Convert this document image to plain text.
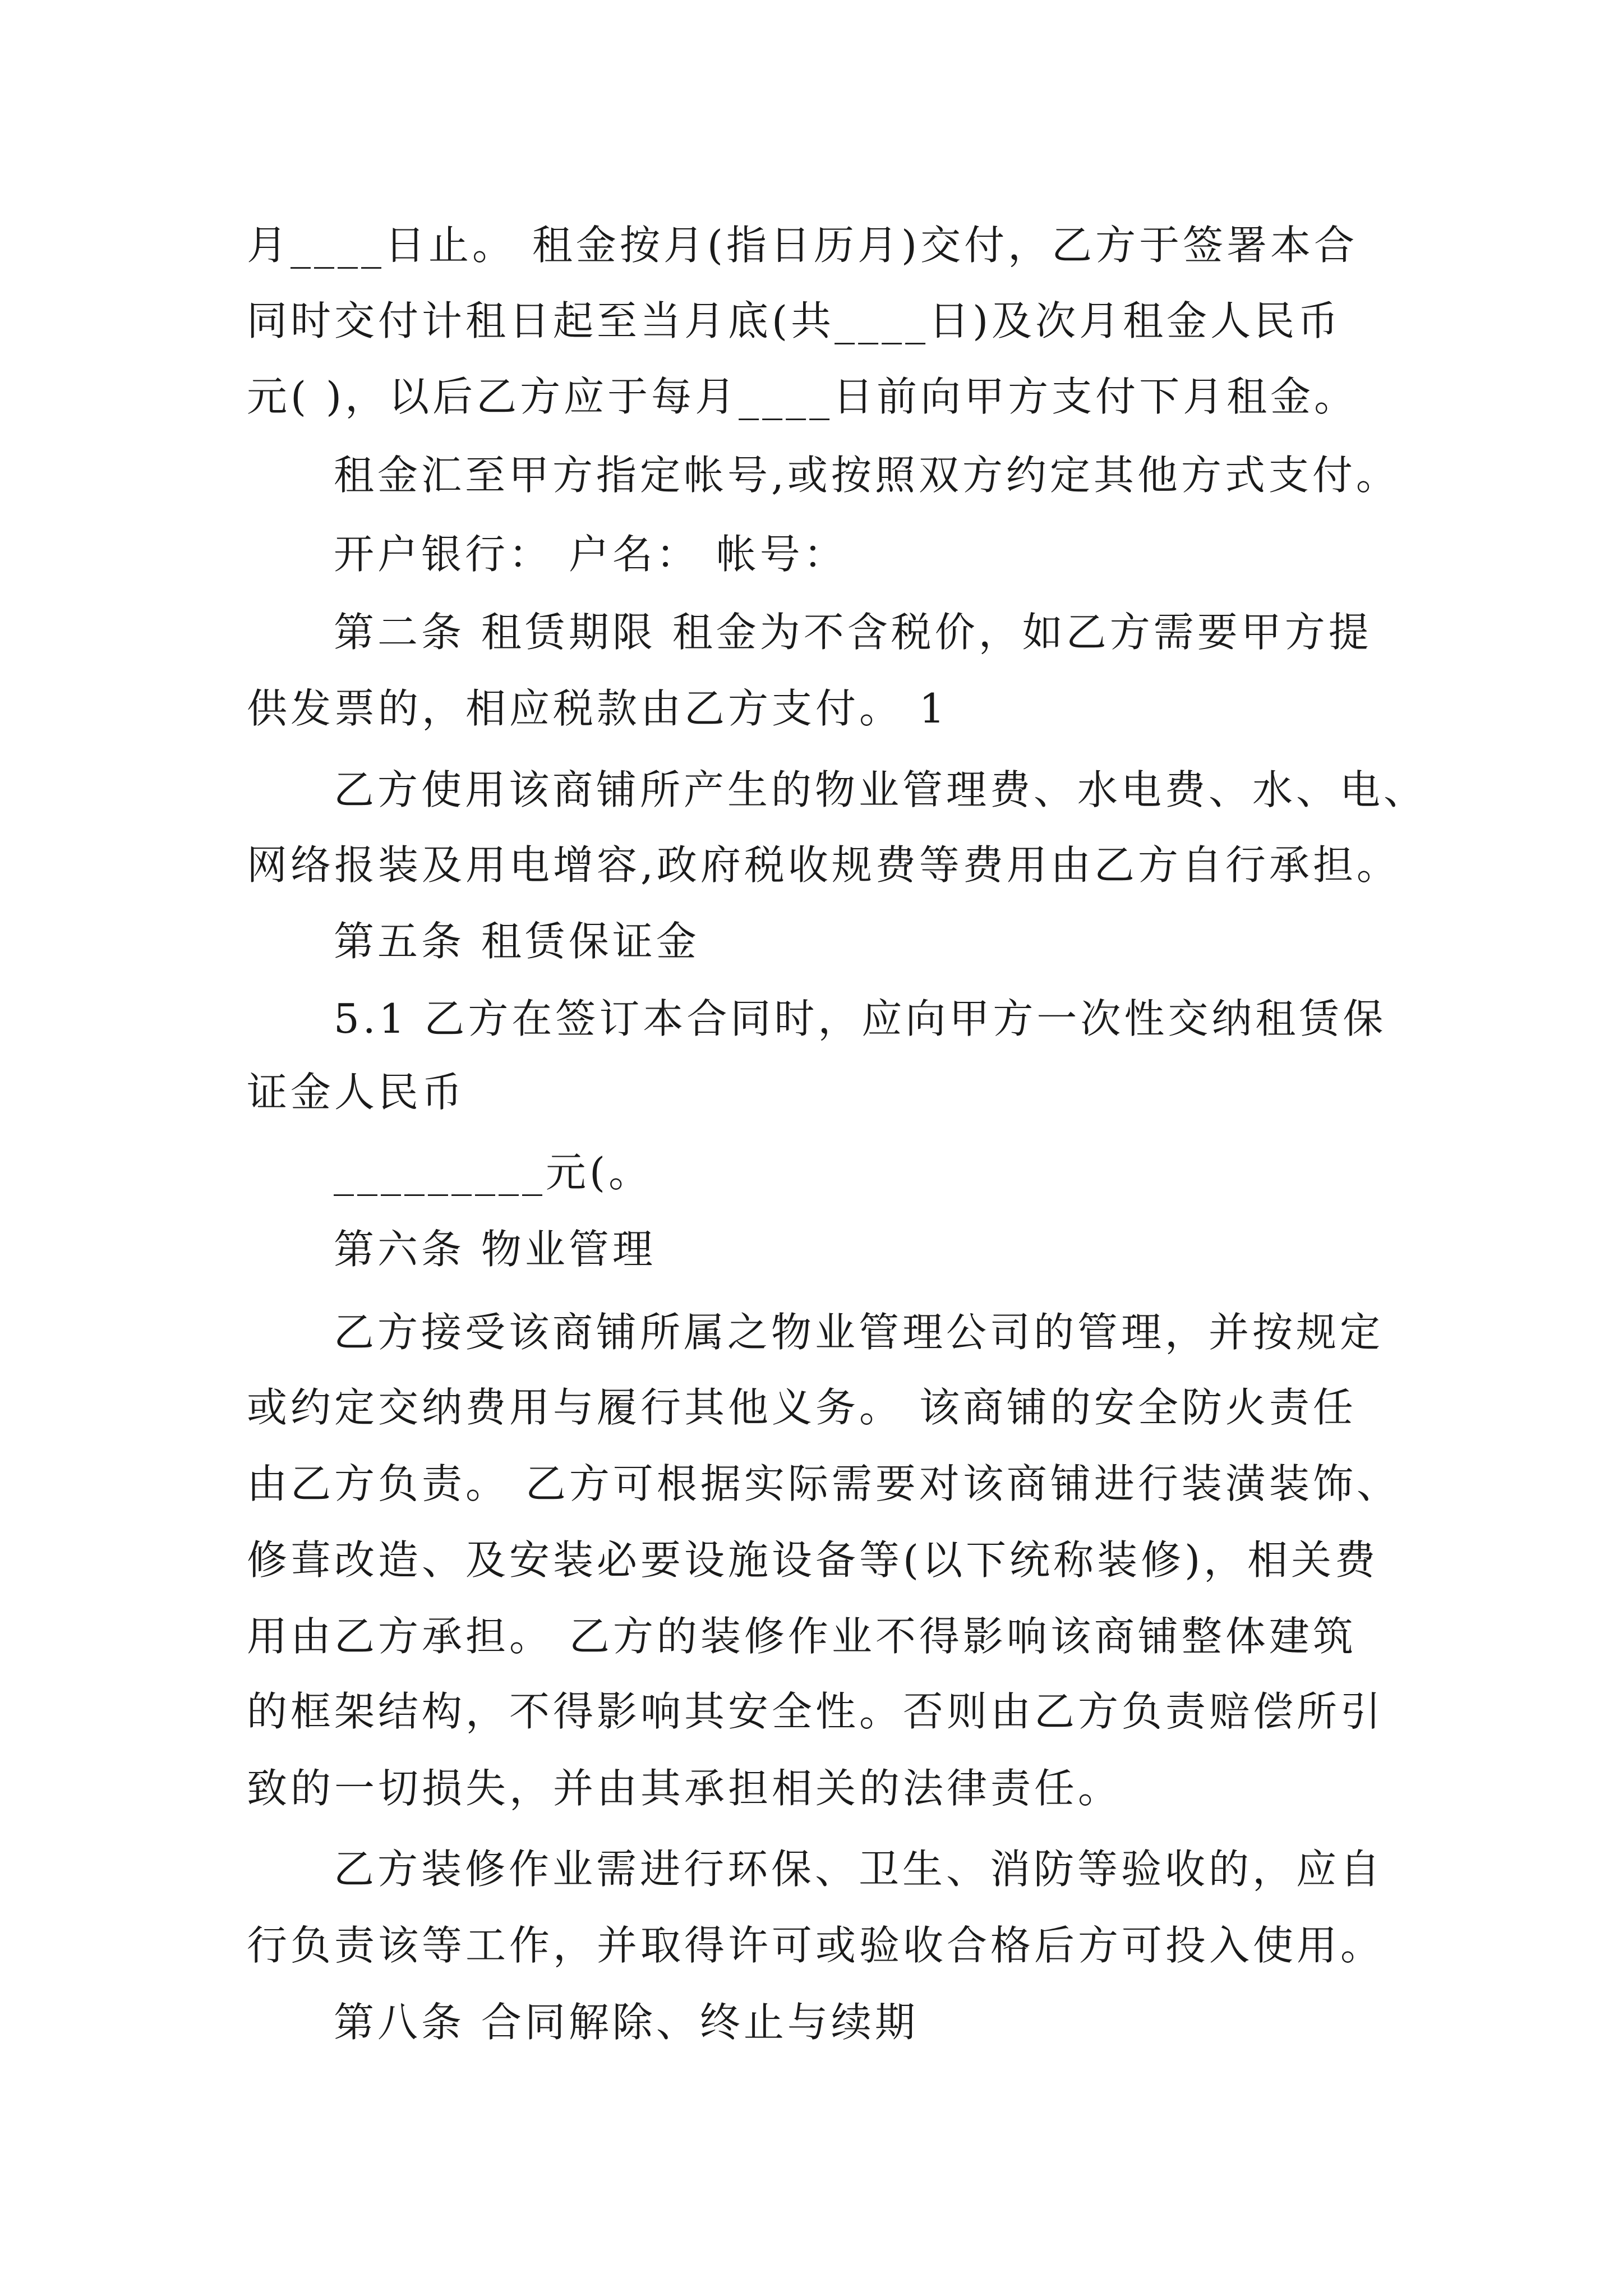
月____日止。 租金按月(指日历月)交付，乙方于签署本合
同时交付计租日起至当月底(共____日)及次月租金人民币
元( )，以后乙方应于每月____日前向甲方支付下月租金。
租金汇至甲方指定帐号,或按照双方约定其他方式支付。
开户银行： 户名： 帐号：
第二条 租赁期限 租金为不含税价，如乙方需要甲方提
供发票的，相应税款由乙方支付。 1
乙方使用该商铺所产生的物业管理费、水电费、水、电、
网络报装及用电增容,政府税收规费等费用由乙方自行承担。
第五条 租赁保证金
5.1 乙方在签订本合同时，应向甲方一次性交纳租赁保
证金人民币
_________元(。
第六条 物业管理
乙方接受该商铺所属之物业管理公司的管理，并按规定
或约定交纳费用与履行其他义务。 该商铺的安全防火责任
由乙方负责。 乙方可根据实际需要对该商铺进行装潢装饰、
修葺改造、及安装必要设施设备等(以下统称装修)，相关费
用由乙方承担。 乙方的装修作业不得影响该商铺整体建筑
的框架结构，不得影响其安全性。否则由乙方负责赔偿所引
致的一切损失，并由其承担相关的法律责任。
乙方装修作业需进行环保、卫生、消防等验收的，应自
行负责该等工作，并取得许可或验收合格后方可投入使用。
第八条 合同解除、终止与续期
